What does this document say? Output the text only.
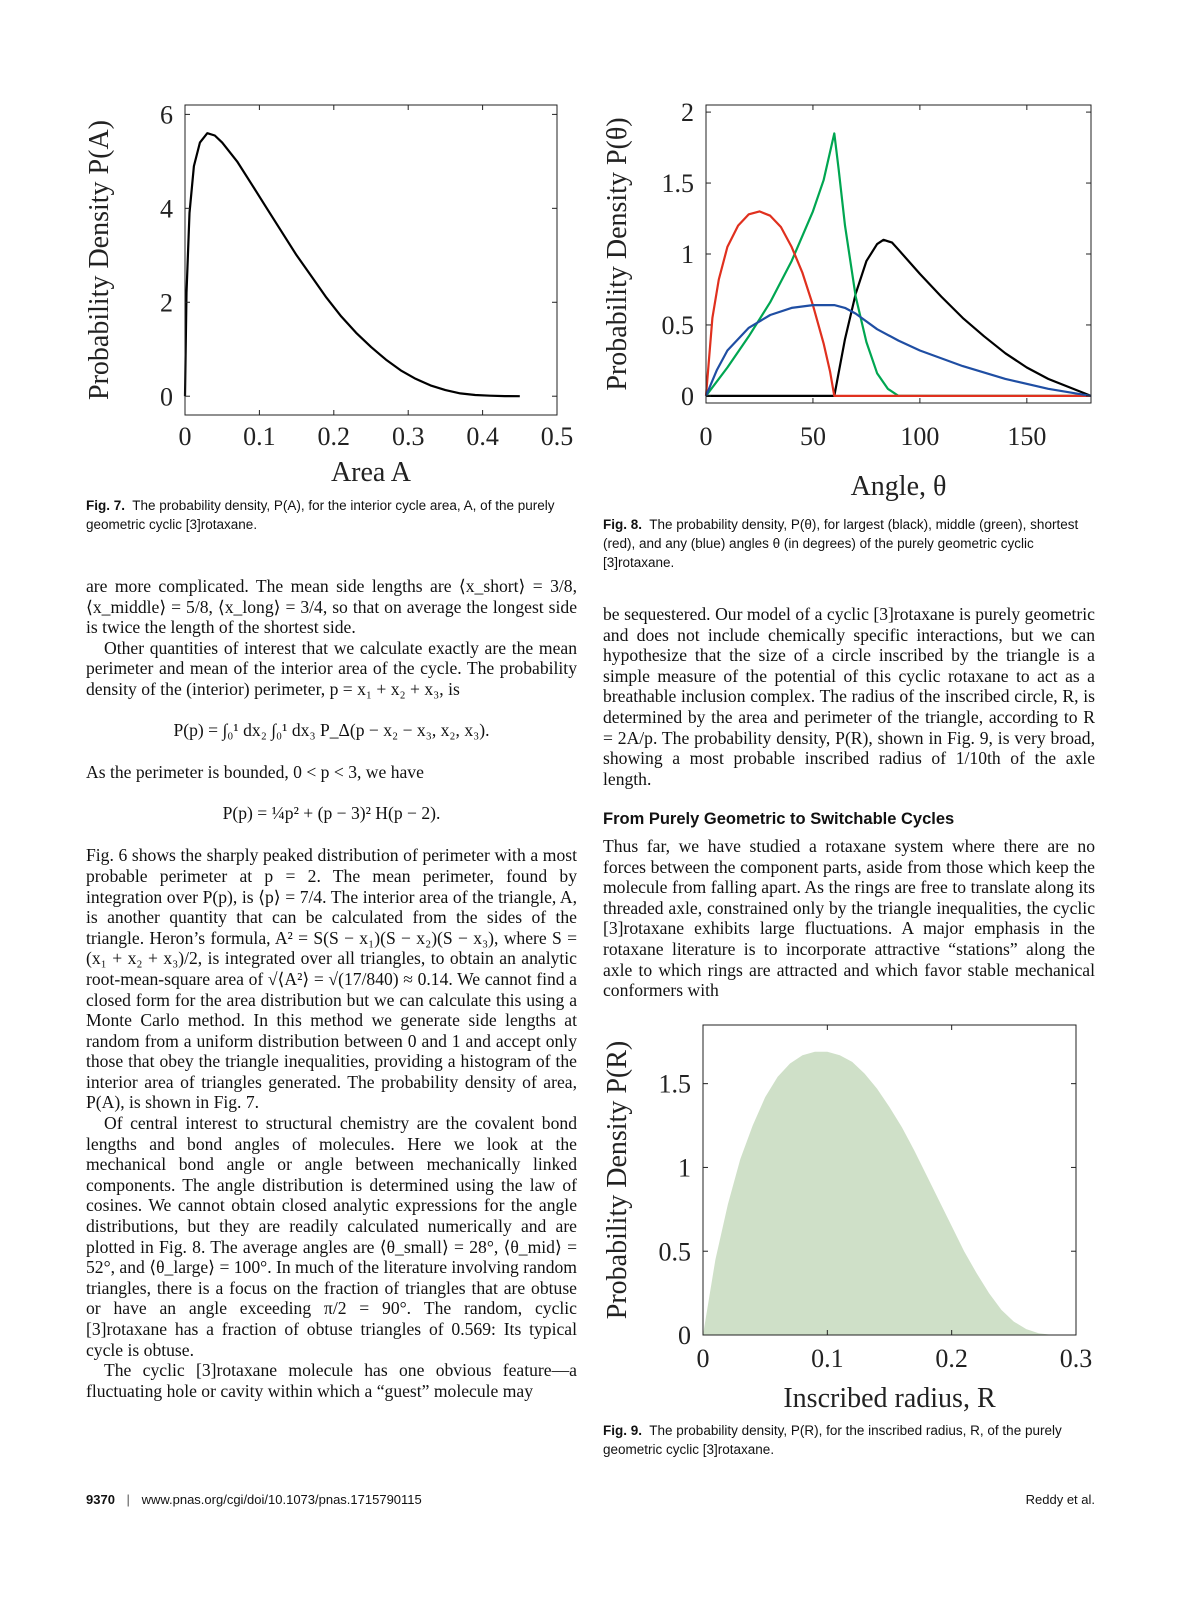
0 0.1 0.2 0.3 0.4 0.5
0
2
4
6
Area A
Probability Density P(A)
Fig. 7. The probability density, P(A), for the interior cycle area, A, of the purely geometric cyclic [3]rotaxane.
0	50	100	150
0
0.5
1
1.5
2
Angle, θ
Probability Density P(θ)
Fig. 8. The probability density, P(θ), for largest (black), middle (green), shortest (red), and any (blue) angles θ (in degrees) of the purely geometric cyclic [3]rotaxane.

are more complicated. The mean side lengths are ⟨x_short⟩ = 3/8, ⟨x_middle⟩ = 5/8, ⟨x_long⟩ = 3/4, so that on average the longest side is twice the length of the shortest side.

Other quantities of interest that we calculate exactly are the mean perimeter and mean of the interior area of the cycle. The probability density of the (interior) perimeter, p = x₁ + x₂ + x₃, is

P(p) = ∫₀¹ dx₂ ∫₀¹ dx₃ P_Δ(p − x₂ − x₃, x₂, x₃).

As the perimeter is bounded, 0 < p < 3, we have

P(p) = ¼p² + (p − 3)² H(p − 2).

Fig. 6 shows the sharply peaked distribution of perimeter with a most probable perimeter at p = 2. The mean perimeter, found by integration over P(p), is ⟨p⟩ = 7/4. The interior area of the triangle, A, is another quantity that can be calculated from the sides of the triangle. Heron’s formula, A² = S(S − x₁)(S − x₂)(S − x₃), where S = (x₁ + x₂ + x₃)/2, is integrated over all triangles, to obtain an analytic root-mean-square area of √⟨A²⟩ = √(17/840) ≈ 0.14. We cannot find a closed form for the area distribution but we can calculate this using a Monte Carlo method. In this method we generate side lengths at random from a uniform distribution between 0 and 1 and accept only those that obey the triangle inequalities, providing a histogram of the interior area of triangles generated. The probability density of area, P(A), is shown in Fig. 7.

Of central interest to structural chemistry are the covalent bond lengths and bond angles of molecules. Here we look at the mechanical bond angle or angle between mechanically linked components. The angle distribution is determined using the law of cosines. We cannot obtain closed analytic expressions for the angle distributions, but they are readily calculated numerically and are plotted in Fig. 8. The average angles are ⟨θ_small⟩ = 28°, ⟨θ_mid⟩ = 52°, and ⟨θ_large⟩ = 100°. In much of the literature involving random triangles, there is a focus on the fraction of triangles that are obtuse or have an angle exceeding π/2 = 90°. The random, cyclic [3]rotaxane has a fraction of obtuse triangles of 0.569: Its typical cycle is obtuse.

The cyclic [3]rotaxane molecule has one obvious feature—a fluctuating hole or cavity within which a “guest” molecule may

be sequestered. Our model of a cyclic [3]rotaxane is purely geometric and does not include chemically specific interactions, but we can hypothesize that the size of a circle inscribed by the triangle is a simple measure of the potential of this cyclic rotaxane to act as a breathable inclusion complex. The radius of the inscribed circle, R, is determined by the area and perimeter of the triangle, according to R = 2A/p. The probability density, P(R), shown in Fig. 9, is very broad, showing a most probable inscribed radius of 1/10th of the axle length.

From Purely Geometric to Switchable Cycles

Thus far, we have studied a rotaxane system where there are no forces between the component parts, aside from those which keep the molecule from falling apart. As the rings are free to translate along its threaded axle, constrained only by the triangle inequalities, the cyclic [3]rotaxane exhibits large fluctuations. A major emphasis in the rotaxane literature is to incorporate attractive “stations” along the axle to which rings are attracted and which favor stable mechanical conformers with

0	0.1	0.2	0.3
0
0.5
1
1.5
Inscribed radius, R
Probability Density P(R)
Fig. 9. The probability density, P(R), for the inscribed radius, R, of the purely geometric cyclic [3]rotaxane.
9370 | www.pnas.org/cgi/doi/10.1073/pnas.1715790115	Reddy et al.
